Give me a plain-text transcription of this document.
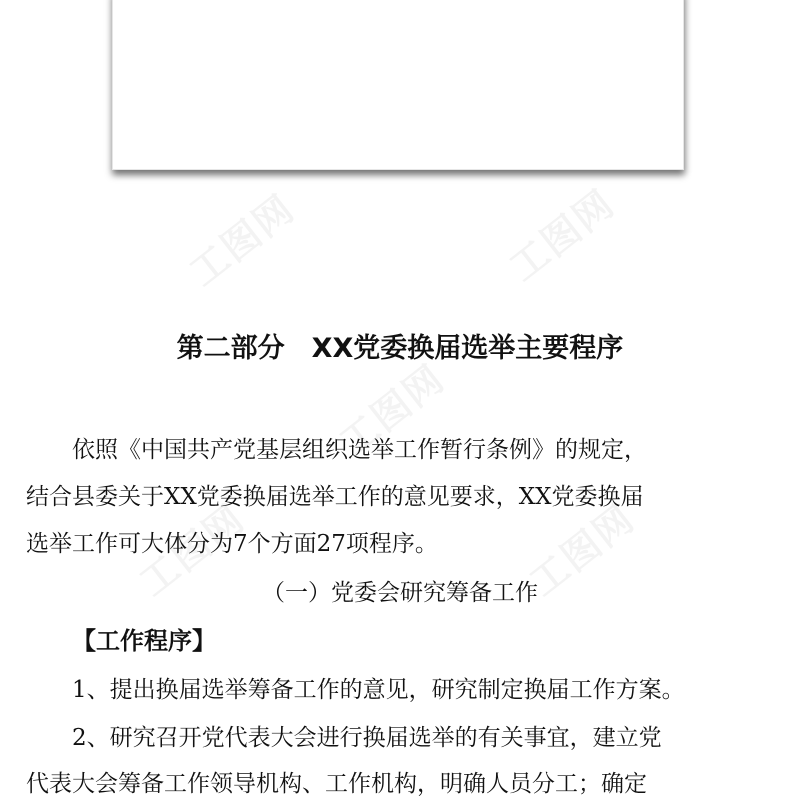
工图网	工图网
工图网
工图网	工图网
第二部分　XX党委换届选举主要程序
　　依照《中国共产党基层组织选举工作暂行条例》的规定，
结合县委关于XX党委换届选举工作的意见要求，XX党委换届
选举工作可大体分为7个方面27项程序。
（一）党委会研究筹备工作
【工作程序】
　　1、提出换届选举筹备工作的意见，研究制定换届工作方案。
　　2、研究召开党代表大会进行换届选举的有关事宜，建立党
代表大会筹备工作领导机构、工作机构，明确人员分工；确定
